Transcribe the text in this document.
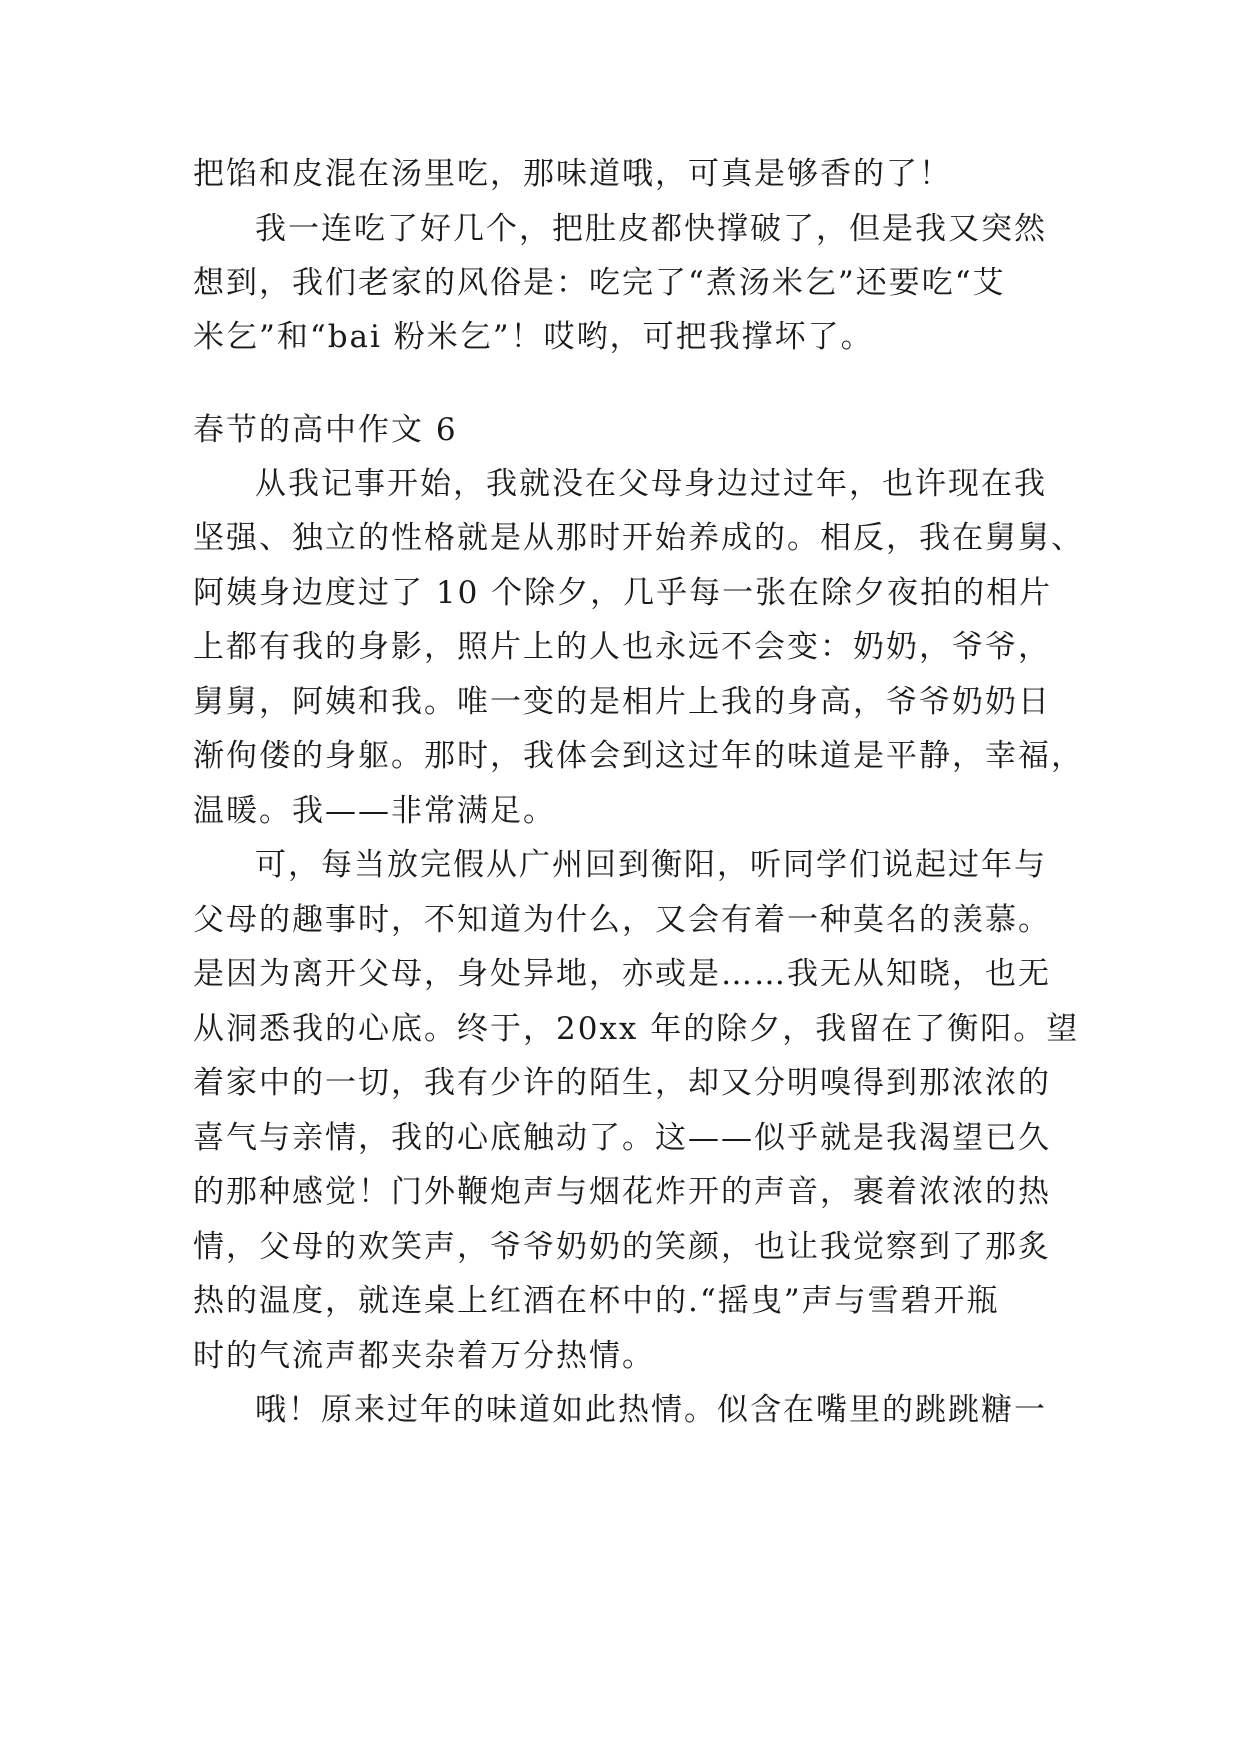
把馅和皮混在汤里吃，那味道哦，可真是够香的了！
我一连吃了好几个，把肚皮都快撑破了，但是我又突然
想到，我们老家的风俗是：吃完了“煮汤米乞”还要吃“艾
米乞”和“bai 粉米乞”！哎哟，可把我撑坏了。
春节的高中作文 6
从我记事开始，我就没在父母身边过过年，也许现在我
坚强、独立的性格就是从那时开始养成的。相反，我在舅舅、
阿姨身边度过了 10 个除夕，几乎每一张在除夕夜拍的相片
上都有我的身影，照片上的人也永远不会变：奶奶，爷爷，
舅舅，阿姨和我。唯一变的是相片上我的身高，爷爷奶奶日
渐佝偻的身躯。那时，我体会到这过年的味道是平静，幸福，
温暖。我——非常满足。
可，每当放完假从广州回到衡阳，听同学们说起过年与
父母的趣事时，不知道为什么，又会有着一种莫名的羡慕。
是因为离开父母，身处异地，亦或是……我无从知晓，也无
从洞悉我的心底。终于，20xx 年的除夕，我留在了衡阳。望
着家中的一切，我有少许的陌生，却又分明嗅得到那浓浓的
喜气与亲情，我的心底触动了。这——似乎就是我渴望已久
的那种感觉！门外鞭炮声与烟花炸开的声音，裹着浓浓的热
情，父母的欢笑声，爷爷奶奶的笑颜，也让我觉察到了那炙
热的温度，就连桌上红酒在杯中的.“摇曳”声与雪碧开瓶
时的气流声都夹杂着万分热情。
哦！原来过年的味道如此热情。似含在嘴里的跳跳糖一
